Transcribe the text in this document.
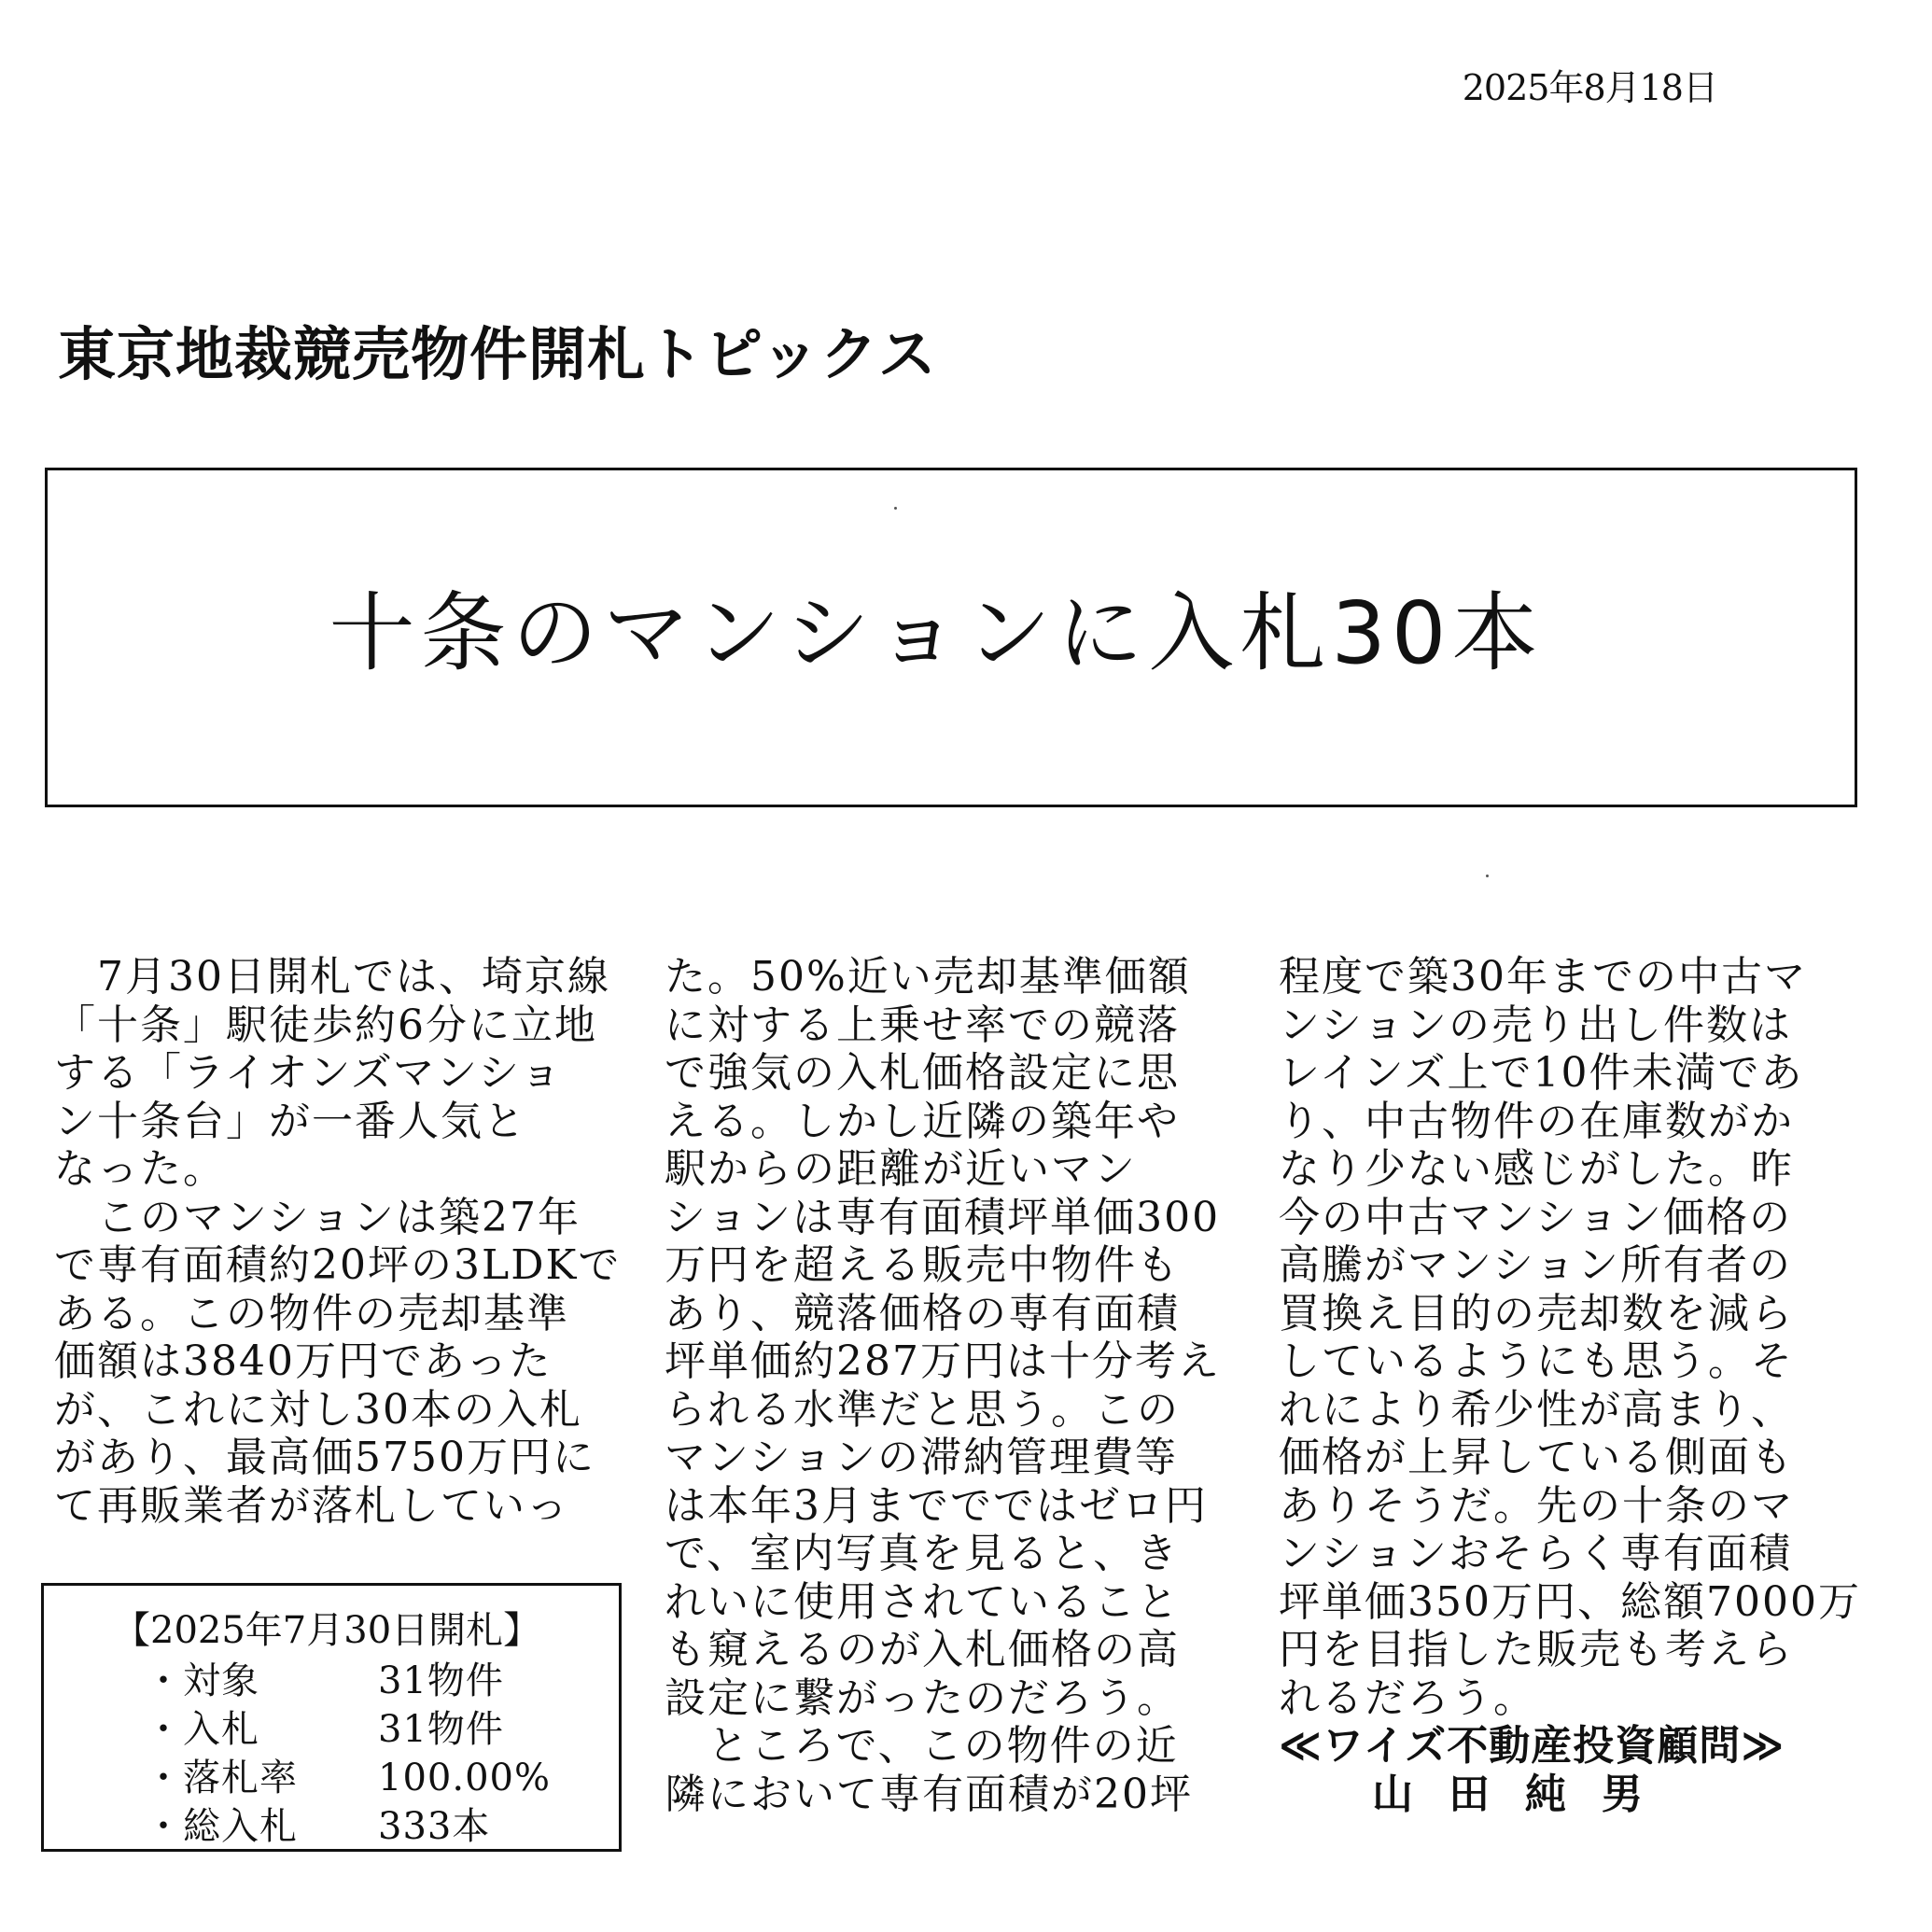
2025年8月18日
東京地裁競売物件開札トピックス
十条のマンションに入札30本

　7月30日開札では、埼京線

「十条」駅徒歩約6分に立地

する「ライオンズマンショ

ン十条台」が一番人気と

なった。

　このマンションは築27年

で専有面積約20坪の3LDKで

ある。この物件の売却基準

価額は3840万円であった

が、これに対し30本の入札

があり、最高価5750万円に

て再販業者が落札していっ

た。50%近い売却基準価額

に対する上乗せ率での競落

で強気の入札価格設定に思

える。しかし近隣の築年や

駅からの距離が近いマン

ションは専有面積坪単価300

万円を超える販売中物件も

あり、競落価格の専有面積

坪単価約287万円は十分考え

られる水準だと思う。この

マンションの滞納管理費等

は本年3月まででではゼロ円

で、室内写真を見ると、き

れいに使用されていること

も窺えるのが入札価格の高

設定に繋がったのだろう。

　ところで、この物件の近

隣において専有面積が20坪

程度で築30年までの中古マ

ンションの売り出し件数は

レインズ上で10件未満であ

り、中古物件の在庫数がか

なり少ない感じがした。昨

今の中古マンション価格の

高騰がマンション所有者の

買換え目的の売却数を減ら

しているようにも思う。そ

れにより希少性が高まり、

価格が上昇している側面も

ありそうだ。先の十条のマ

ンションおそらく専有面積

坪単価350万円、総額7000万

円を目指した販売も考えら

れるだろう。

≪ワイズ不動産投資顧問≫

山田純男

【2025年7月30日開札】
・対象	31物件
・入札	31物件
・落札率	100.00%
・総入札	333本
